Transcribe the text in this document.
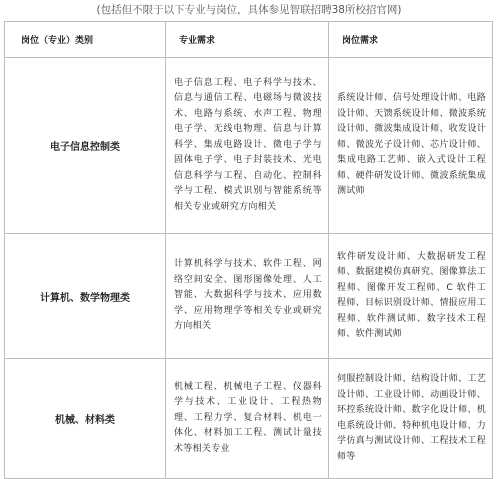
(包括但不限于以下专业与岗位，具体参见智联招聘38所校招官网)
岗位（专业）类别	专业需求	岗位需求
电子信息控制类	电子信息工程、电子科学与技术、信息与通信工程、电磁场与微波技术、电路与系统、水声工程、物理电子学、无线电物理、信息与计算科学、集成电路设计、微电子学与固体电子学、电子封装技术、光电信息科学与工程、自动化、控制科学与工程、模式识别与智能系统等相关专业或研究方向相关	系统设计师、信号处理设计师、电路设计师、天馈系统设计师、微波系统设计师、微波集成设计师、收发设计师、微波光子设计师、芯片设计师、集成电路工艺师、嵌入式设计工程师、硬件研发设计师、微波系统集成测试师

计算机、数学物理类	计算机科学与技术、软件工程、网络空间安全、图形图像处理、人工智能、大数据科学与技术、应用数学、应用物理学等相关专业或研究方向相关	软件研发设计师、大数据研发工程师、数据建模仿真研究、图像算法工程师、图像开发工程师、C 软件工程师、目标识别设计师、情报应用工程师、软件测试师、数字技术工程师、软件测试师

机械、材料类	机械工程、机械电子工程、仪器科学与技术、工业设计、工程热物理、工程力学、复合材料、机电一体化、材料加工工程、测试计量技术等相关专业	伺服控制设计师、结构设计师、工艺设计师、工业设计师、动画设计师、环控系统设计师、数字化设计师、机电系统设计师、特种机电设计师、力学仿真与测试设计师、工程技术工程师等
